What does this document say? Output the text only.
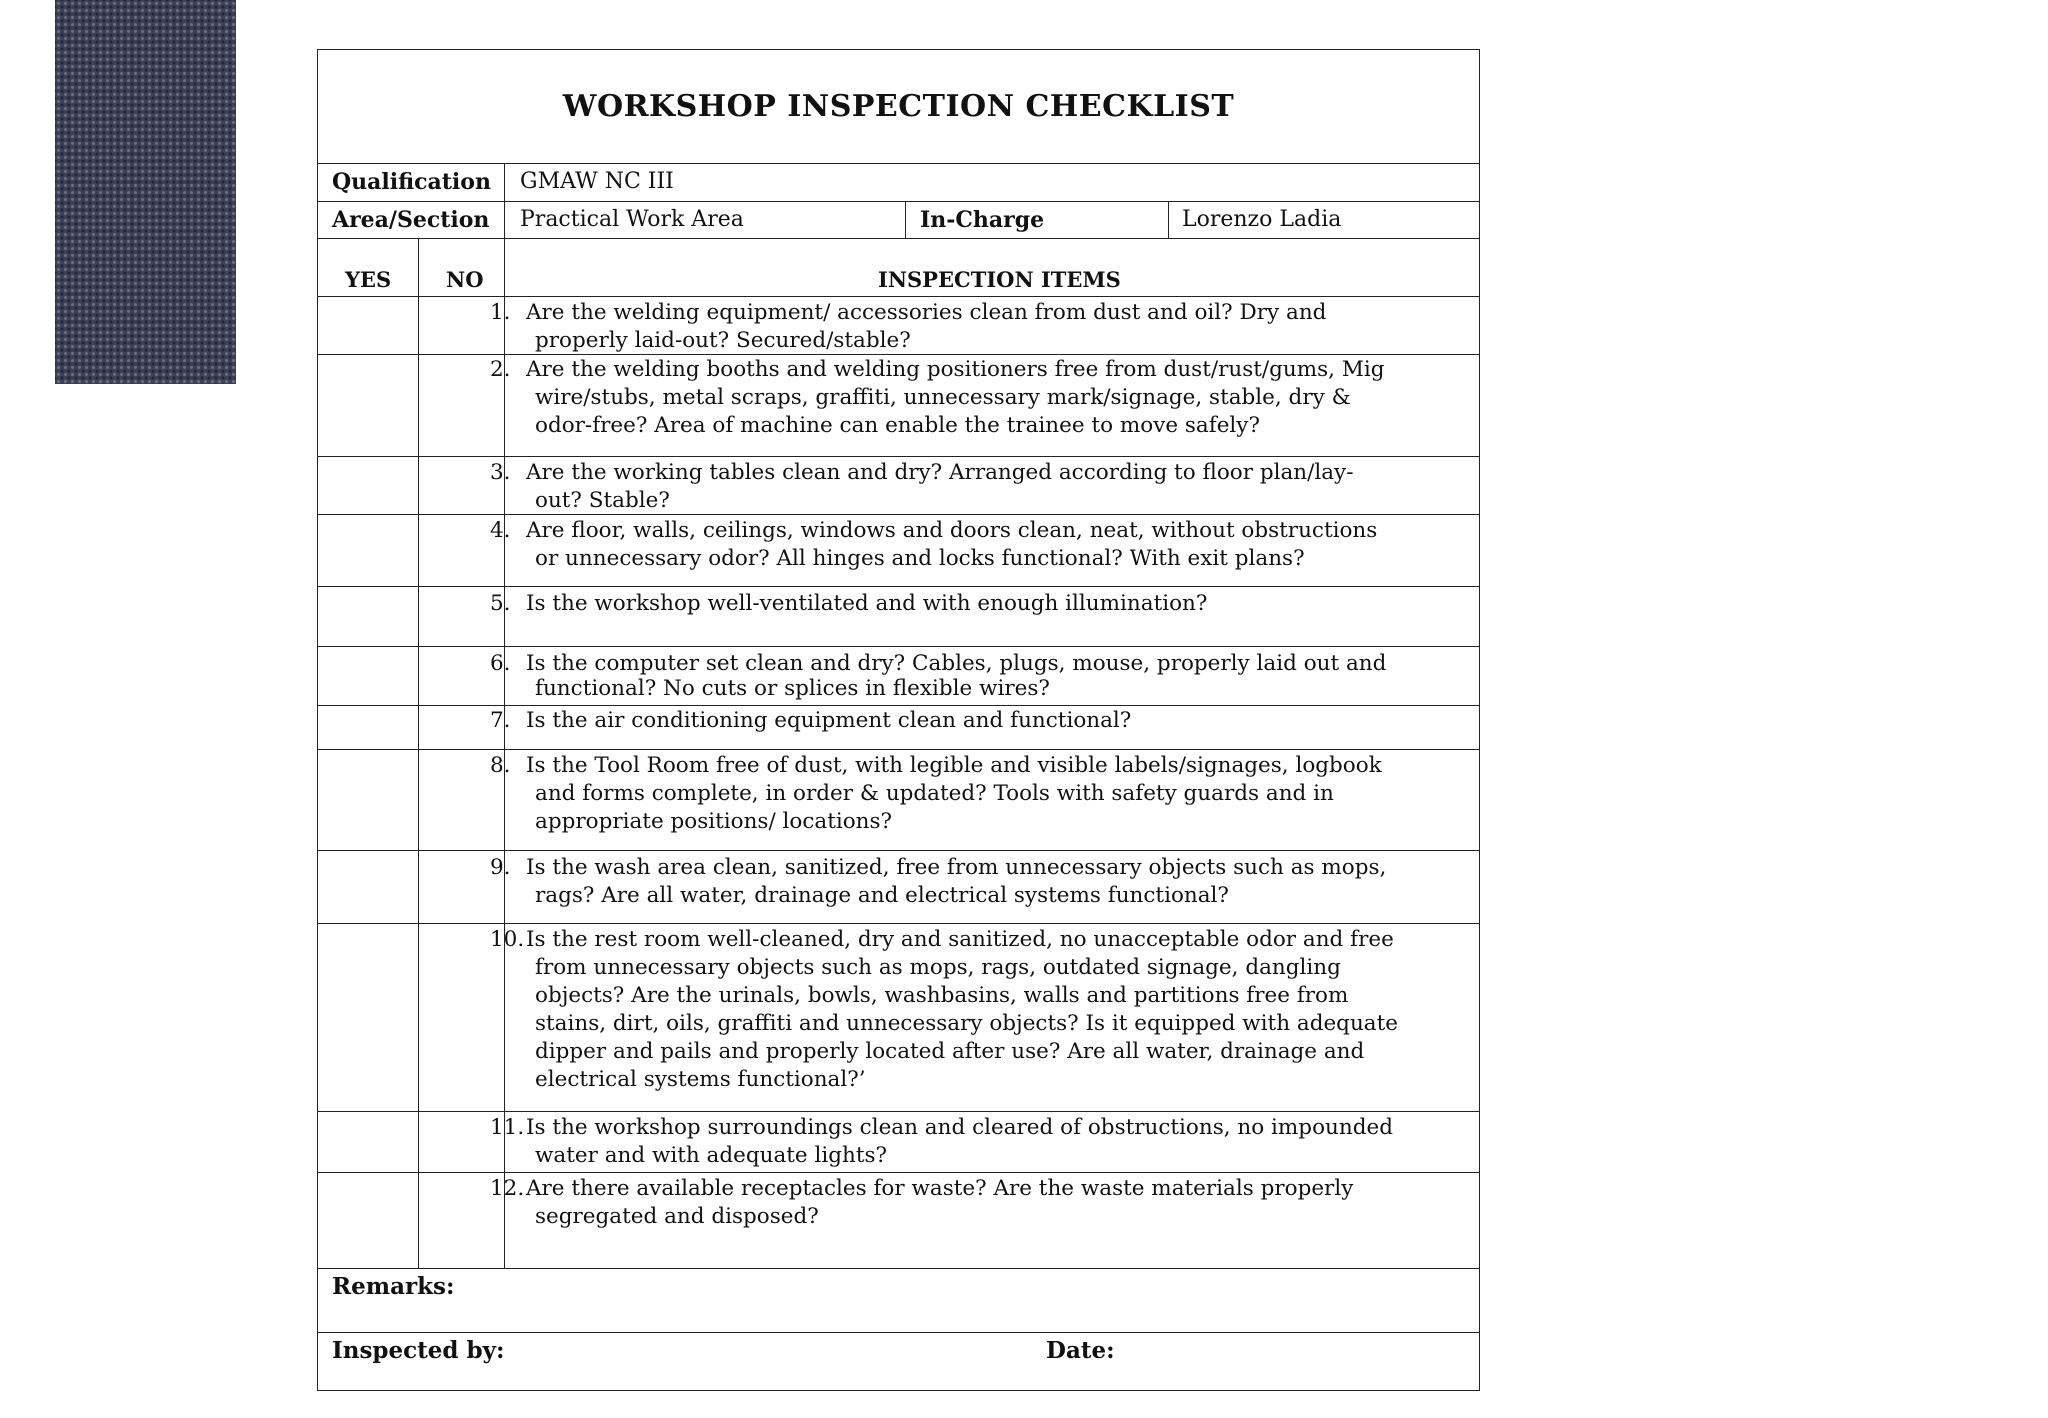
WORKSHOP INSPECTION CHECKLIST
Qualification GMAW NC III
Area/Section Practical Work Area	In-Charge	Lorenzo Ladia
YES	NO	INSPECTION ITEMS
1. Are the welding equipment/ accessories clean from dust and oil? Dry and
properly laid-out? Secured/stable?
2. Are the welding booths and welding positioners free from dust/rust/gums, Mig
wire/stubs, metal scraps, graffiti, unnecessary mark/signage, stable, dry &
odor-free? Area of machine can enable the trainee to move safely?
3. Are the working tables clean and dry? Arranged according to floor plan/lay-
out? Stable?
4. Are floor, walls, ceilings, windows and doors clean, neat, without obstructions
or unnecessary odor? All hinges and locks functional? With exit plans?
5. Is the workshop well-ventilated and with enough illumination?
6. Is the computer set clean and dry? Cables, plugs, mouse, properly laid out and
functional? No cuts or splices in flexible wires?
7. Is the air conditioning equipment clean and functional?
8. Is the Tool Room free of dust, with legible and visible labels/signages, logbook
and forms complete, in order & updated? Tools with safety guards and in
appropriate positions/ locations?
9. Is the wash area clean, sanitized, free from unnecessary objects such as mops,
rags? Are all water, drainage and electrical systems functional?
10.Is the rest room well-cleaned, dry and sanitized, no unacceptable odor and free
from unnecessary objects such as mops, rags, outdated signage, dangling
objects? Are the urinals, bowls, washbasins, walls and partitions free from
stains, dirt, oils, graffiti and unnecessary objects? Is it equipped with adequate
dipper and pails and properly located after use? Are all water, drainage and
electrical systems functional?’
11.Is the workshop surroundings clean and cleared of obstructions, no impounded
water and with adequate lights?
12.Are there available receptacles for waste? Are the waste materials properly
segregated and disposed?
Remarks:
Inspected by:	Date:
